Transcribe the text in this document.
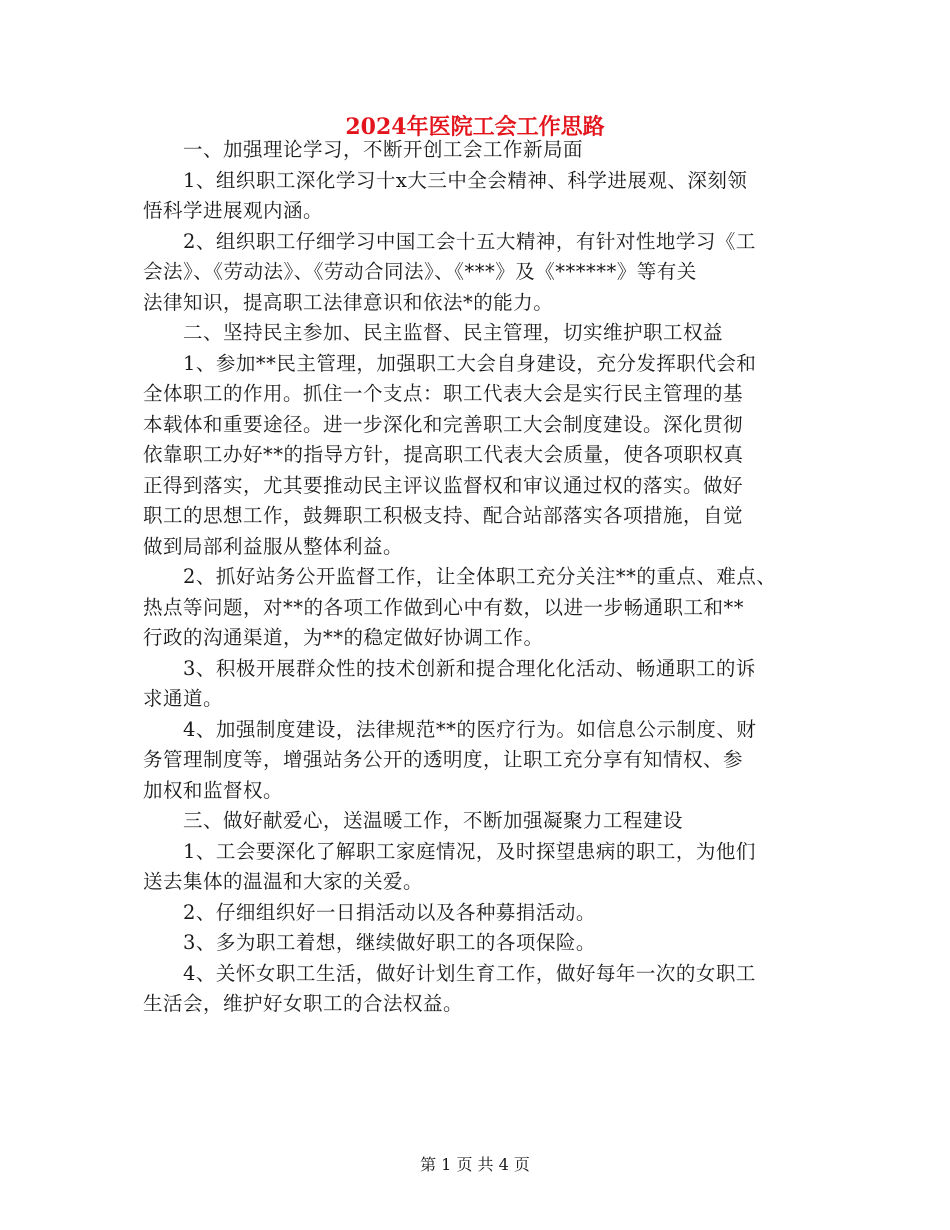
2024年医院工会工作思路
一、加强理论学习，不断开创工会工作新局面
1、组织职工深化学习十x大三中全会精神、科学进展观、深刻领
悟科学进展观内涵。
2、组织职工仔细学习中国工会十五大精神，有针对性地学习《工
会法》、《劳动法》、《劳动合同法》、《***》及《******》等有关
法律知识，提高职工法律意识和依法*的能力。
二、坚持民主参加、民主监督、民主管理，切实维护职工权益
1、参加**民主管理，加强职工大会自身建设，充分发挥职代会和
全体职工的作用。抓住一个支点：职工代表大会是实行民主管理的基
本载体和重要途径。进一步深化和完善职工大会制度建设。深化贯彻
依靠职工办好**的指导方针，提高职工代表大会质量，使各项职权真
正得到落实，尤其要推动民主评议监督权和审议通过权的落实。做好
职工的思想工作，鼓舞职工积极支持、配合站部落实各项措施，自觉
做到局部利益服从整体利益。
2、抓好站务公开监督工作，让全体职工充分关注**的重点、难点、
热点等问题，对**的各项工作做到心中有数，以进一步畅通职工和**
行政的沟通渠道，为**的稳定做好协调工作。
3、积极开展群众性的技术创新和提合理化化活动、畅通职工的诉
求通道。
4、加强制度建设，法律规范**的医疗行为。如信息公示制度、财
务管理制度等，增强站务公开的透明度，让职工充分享有知情权、参
加权和监督权。
三、做好献爱心，送温暖工作，不断加强凝聚力工程建设
1、工会要深化了解职工家庭情况，及时探望患病的职工，为他们
送去集体的温温和大家的关爱。
2、仔细组织好一日捐活动以及各种募捐活动。
3、多为职工着想，继续做好职工的各项保险。
4、关怀女职工生活，做好计划生育工作，做好每年一次的女职工
生活会，维护好女职工的合法权益。
第 1 页 共 4 页
